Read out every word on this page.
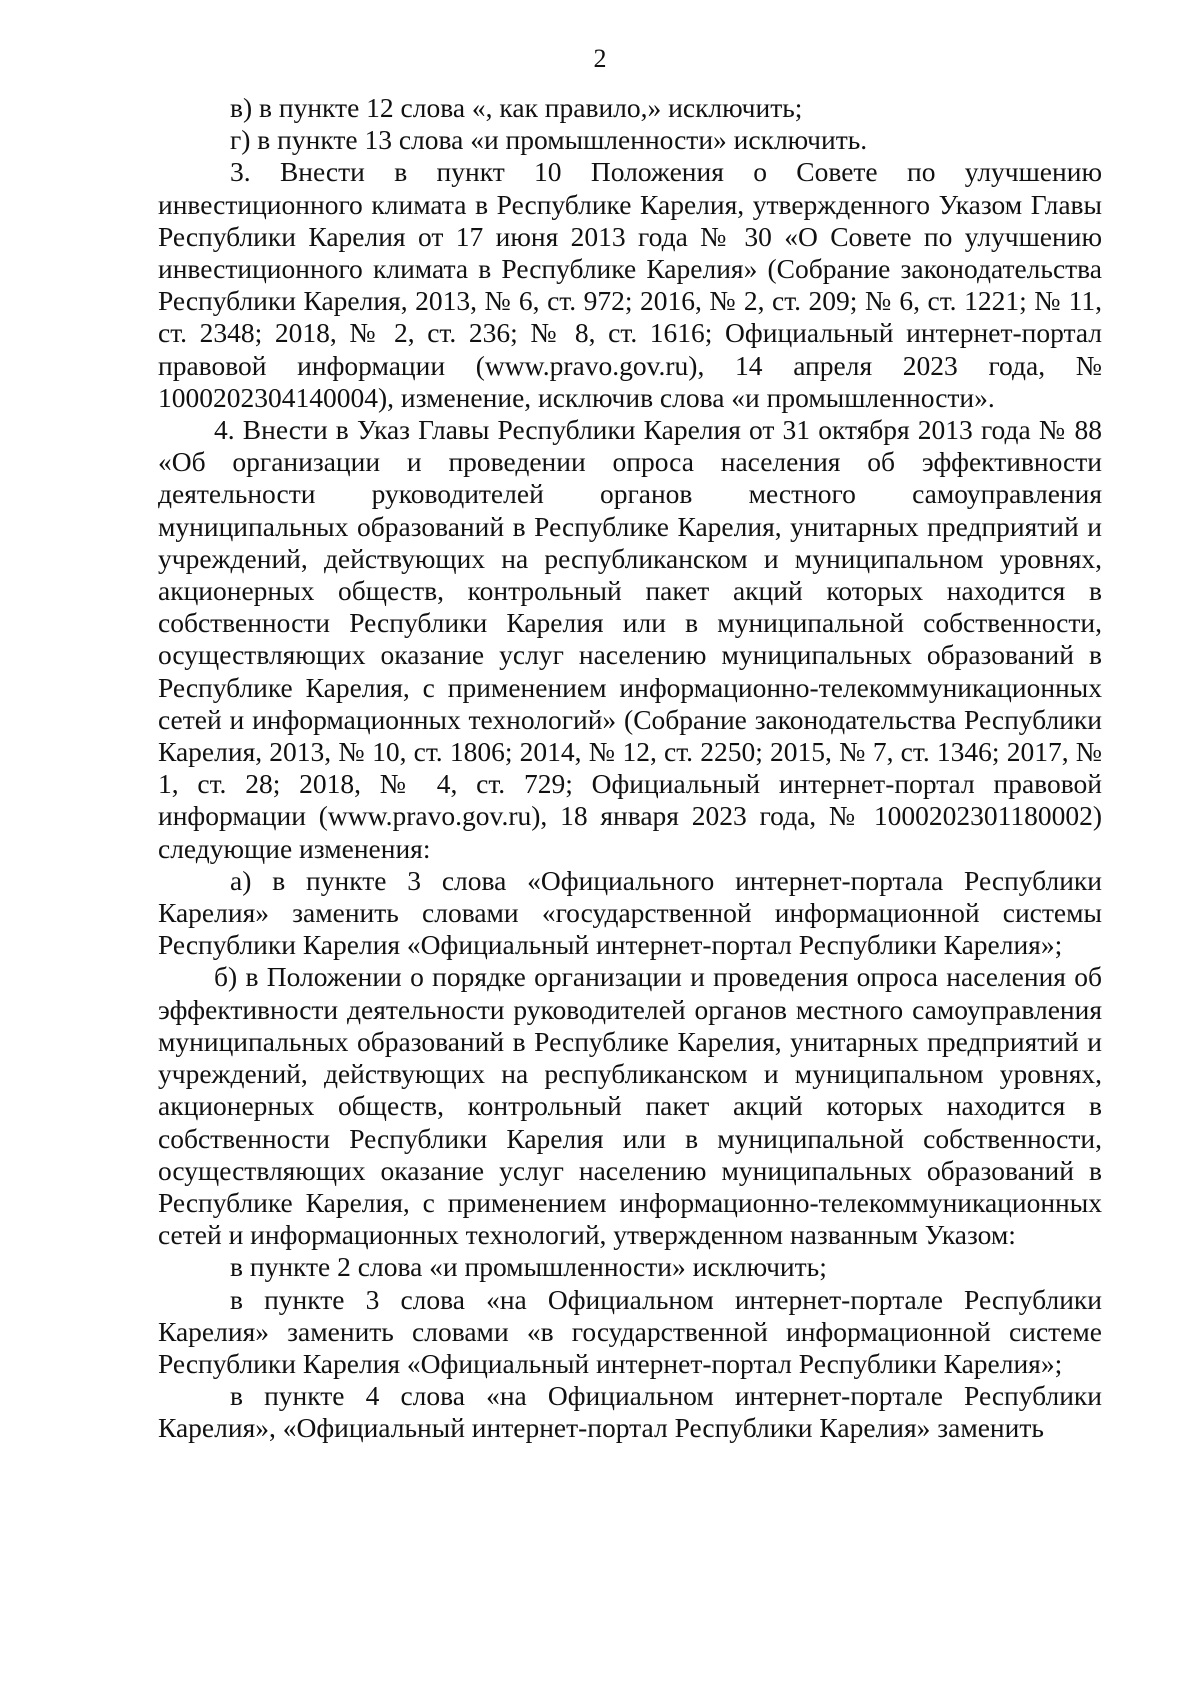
2

в) в пункте 12 слова «, как правило,» исключить;

г) в пункте 13 слова «и промышленности» исключить.

3. Внести в пункт 10 Положения о Совете по улучшению инвестиционного климата в Республике Карелия, утвержденного Указом Главы Республики Карелия от 17 июня 2013 года № 30 «О Совете по улучшению инвестиционного климата в Республике Карелия» (Собрание законодательства Республики Карелия, 2013, № 6, ст. 972; 2016, № 2, ст. 209; № 6, ст. 1221; № 11, ст. 2348; 2018, № 2, ст. 236; № 8, ст. 1616; Официальный интернет-портал правовой информации (www.pravo.gov.ru), 14 апреля 2023 года, № 1000202304140004), изменение, исключив слова «и промышленности».

4. Внести в Указ Главы Республики Карелия от 31 октября 2013 года № 88 «Об организации и проведении опроса населения об эффективности деятельности руководителей органов местного самоуправления муниципальных образований в Республике Карелия, унитарных предприятий и учреждений, действующих на республиканском и муниципальном уровнях, акционерных обществ, контрольный пакет акций которых находится в собственности Республики Карелия или в муниципальной собственности, осуществляющих оказание услуг населению муниципальных образований в Республике Карелия, с применением информационно-телекоммуникационных сетей и информационных технологий» (Собрание законодательства Республики Карелия, 2013, № 10, ст. 1806; 2014, № 12, ст. 2250; 2015, № 7, ст. 1346; 2017, № 1, ст. 28; 2018, № 4, ст. 729; Официальный интернет-портал правовой информации (www.pravo.gov.ru), 18 января 2023 года, № 1000202301180002) следующие изменения:

а) в пункте 3 слова «Официального интернет-портала Республики Карелия» заменить словами «государственной информационной системы Республики Карелия «Официальный интернет-портал Республики Карелия»;

б) в Положении о порядке организации и проведения опроса населения об эффективности деятельности руководителей органов местного самоуправления муниципальных образований в Республике Карелия, унитарных предприятий и учреждений, действующих на республиканском и муниципальном уровнях, акционерных обществ, контрольный пакет акций которых находится в собственности Республики Карелия или в муниципальной собственности, осуществляющих оказание услуг населению муниципальных образований в Республике Карелия, с применением информационно-телекоммуникационных сетей и информационных технологий, утвержденном названным Указом:

в пункте 2 слова «и промышленности» исключить;

в пункте 3 слова «на Официальном интернет-портале Республики Карелия» заменить словами «в государственной информационной системе Республики Карелия «Официальный интернет-портал Республики Карелия»;

в пункте 4 слова «на Официальном интернет-портале Республики Карелия», «Официальный интернет-портал Республики Карелия» заменить
